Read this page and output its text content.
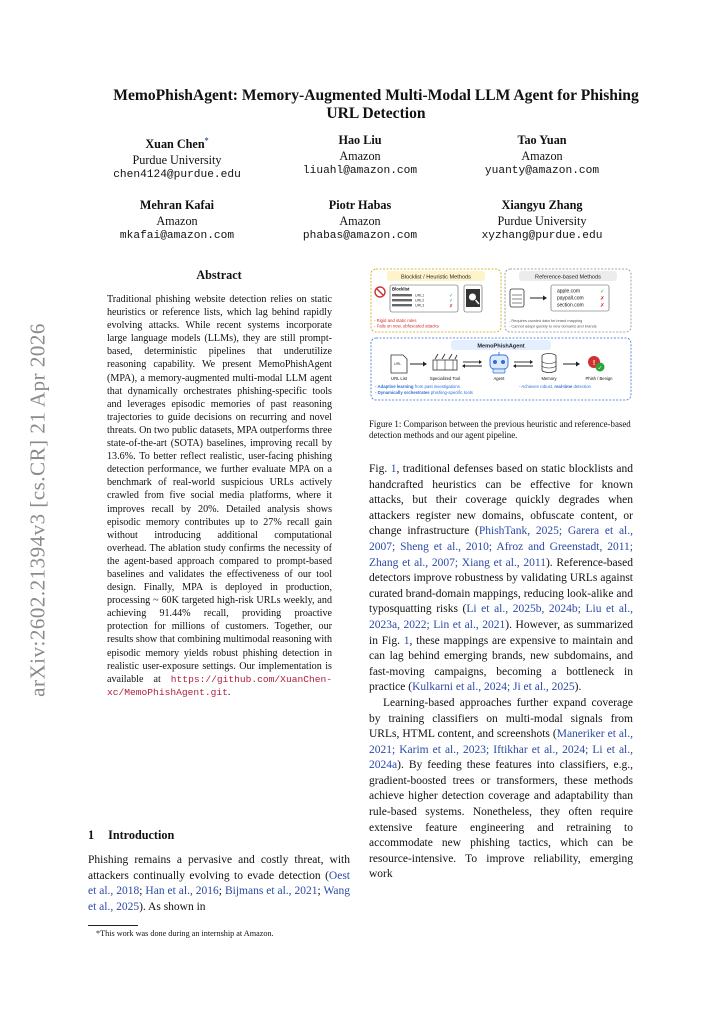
arXiv:2602.21394v3 [cs.CR] 21 Apr 2026
MemoPhishAgent: Memory-Augmented Multi-Modal LLM Agent for Phishing URL Detection
Xuan Chen*
Purdue University
chen4124@purdue.edu
Hao Liu
Amazon
liuahl@amazon.com
Tao Yuan
Amazon
yuanty@amazon.com
Mehran Kafai
Amazon
mkafai@amazon.com
Piotr Habas
Amazon
phabas@amazon.com
Xiangyu Zhang
Purdue University
xyzhang@purdue.edu
Abstract
Traditional phishing website detection relies on static heuristics or reference lists, which lag behind rapidly evolving attacks. While recent systems incorporate large language models (LLMs), they are still prompt-based, deterministic pipelines that underutilize reasoning capability. We present MemoPhishAgent (MPA), a memory-augmented multi-modal LLM agent that dynamically orchestrates phishing-specific tools and leverages episodic memories of past reasoning trajectories to guide decisions on recurring and novel threats. On two public datasets, MPA outperforms three state-of-the-art (SOTA) baselines, improving recall by 13.6%. To better reflect realistic, user-facing phishing detection performance, we further evaluate MPA on a benchmark of real-world suspicious URLs actively crawled from five social media platforms, where it improves recall by 20%. Detailed analysis shows episodic memory contributes up to 27% recall gain without introducing additional computational overhead. The ablation study confirms the necessity of the agent-based approach compared to prompt-based baselines and validates the effectiveness of our tool design. Finally, MPA is deployed in production, processing ~ 60K targeted high-risk URLs weekly, and achieving 91.44% recall, providing proactive protection for millions of customers. Together, our results show that combining multimodal reasoning with episodic memory yields robust phishing detection in realistic user-exposure settings. Our implementation is available at https://github.com/XuanChen-xc/MemoPhishAgent.git.
1 Introduction
Phishing remains a pervasive and costly threat, with attackers continually evolving to evade detection (Oest et al., 2018; Han et al., 2016; Bijmans et al., 2021; Wang et al., 2025). As shown in
*This work was done during an internship at Amazon.
Blocklist / Heuristic Methods
Blocklist
URL1
URL2
URL3
✓
✓
✗
- Rigid and static rules
- Fails on new, obfuscated attacks
Reference-based Methods
apple.com
paypall.com
section.com
✓
✗
✗
- Requires curated data for brand mapping
- Cannot adapt quickly to new domains and brands
MemoPhishAgent
URL
URL List	Specialized Tool	Agent	Memory
!
✓
Phish / Benign
- Adaptive learning from past investigations
- Dynamically orchestrates phishing-specific tools
- Achieves robust, real-time detection
Figure 1: Comparison between the previous heuristic and reference-based detection methods and our agent pipeline.

Fig. 1, traditional defenses based on static blocklists and handcrafted heuristics can be effective for known attacks, but their coverage quickly degrades when attackers register new domains, obfuscate content, or change infrastructure (PhishTank, 2025; Garera et al., 2007; Sheng et al., 2010; Afroz and Greenstadt, 2011; Zhang et al., 2007; Xiang et al., 2011). Reference-based detectors improve robustness by validating URLs against curated brand-domain mappings, reducing look-alike and typosquatting risks (Li et al., 2025b, 2024b; Liu et al., 2023a, 2022; Lin et al., 2021). However, as summarized in Fig. 1, these mappings are expensive to maintain and can lag behind emerging brands, new subdomains, and fast-moving campaigns, becoming a bottleneck in practice (Kulkarni et al., 2024; Ji et al., 2025).

Learning-based approaches further expand coverage by training classifiers on multi-modal signals from URLs, HTML content, and screenshots (Maneriker et al., 2021; Karim et al., 2023; Iftikhar et al., 2024; Li et al., 2024a). By feeding these features into classifiers, e.g., gradient-boosted trees or transformers, these methods achieve higher detection coverage and adaptability than rule-based systems. Nonetheless, they often require extensive feature engineering and retraining to accommodate new phishing tactics, which can be resource-intensive. To improve reliability, emerging work
